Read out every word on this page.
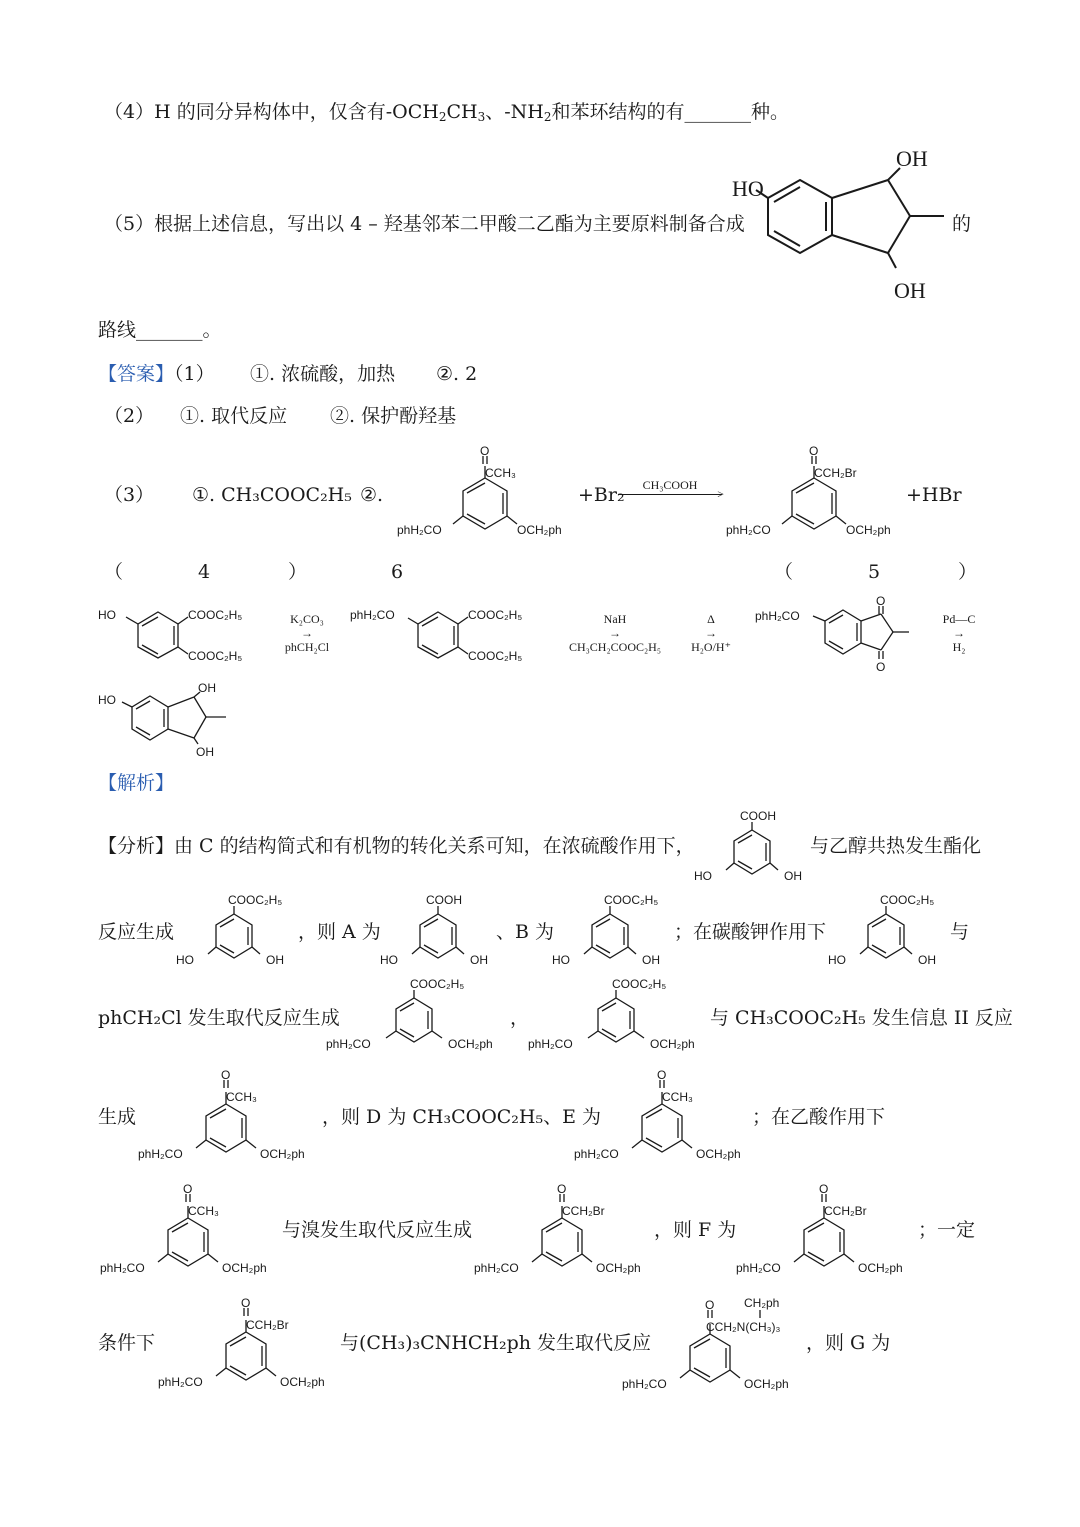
（4）H 的同分异构体中，仅含有$-OCH_2CH_3$、$-NH_2$和苯环结构的有_______种。
（5）根据上述信息，写出以 4 – 羟基邻苯二甲酸二乙酯为主要原料制备合成	的
路线_______。
OH
HO
OH
【答案】（1） ①. 浓硫酸，加热 ②. 2
（2） ①. 取代反应 ②. 保护酚羟基
（3） ①. CH₃COOC₂H₅ ②.
O
CCH₃
phH₂CO	OCH₂ph
+Br₂	CH₃COOH
>
O
CCH₂Br
phH₂CO	OCH₂ph
+HBr
（	4	）	6	（	5	）
HO	COOC₂H₅
COOC₂H₅
K₂CO₃
→
phCH₂Cl
phH₂CO	COOC₂H₅
COOC₂H₅
NaH
→
CH₃CH₂COOC₂H₅
Δ
→
H₂O/H⁺
phH₂CO
O
O
Pd—C
→
H₂
HO
OH
OH
【解析】
【分析】由 C 的结构简式和有机物的转化关系可知，在浓硫酸作用下，
COOH
HO	OH
与乙醇共热发生酯化
反应生成
COOC₂H₅
HO	OH
，则 A 为
COOH
HO	OH
、B 为
COOC₂H₅
HO	OH
；在碳酸钾作用下
COOC₂H₅
HO	OH
与
phCH₂Cl 发生取代反应生成
COOC₂H₅
phH₂CO	OCH₂ph
，
COOC₂H₅
phH₂CO	OCH₂ph
与 CH₃COOC₂H₅ 发生信息 II 反应
生成
O
CCH₃
phH₂CO	OCH₂ph
，则 D 为 CH₃COOC₂H₅、E 为
O
CCH₃
phH₂CO	OCH₂ph
；在乙酸作用下
O
CCH₃
phH₂CO	OCH₂ph
与溴发生取代反应生成
O
CCH₂Br
phH₂CO	OCH₂ph
，则 F 为
O
CCH₂Br
phH₂CO	OCH₂ph
；一定
条件下
O
CCH₂Br
phH₂CO	OCH₂ph
与(CH₃)₃CNHCH₂ph 发生取代反应
O CH₂ph
CCH₂N(CH₃)₃
phH₂CO	OCH₂ph
，则 G 为
